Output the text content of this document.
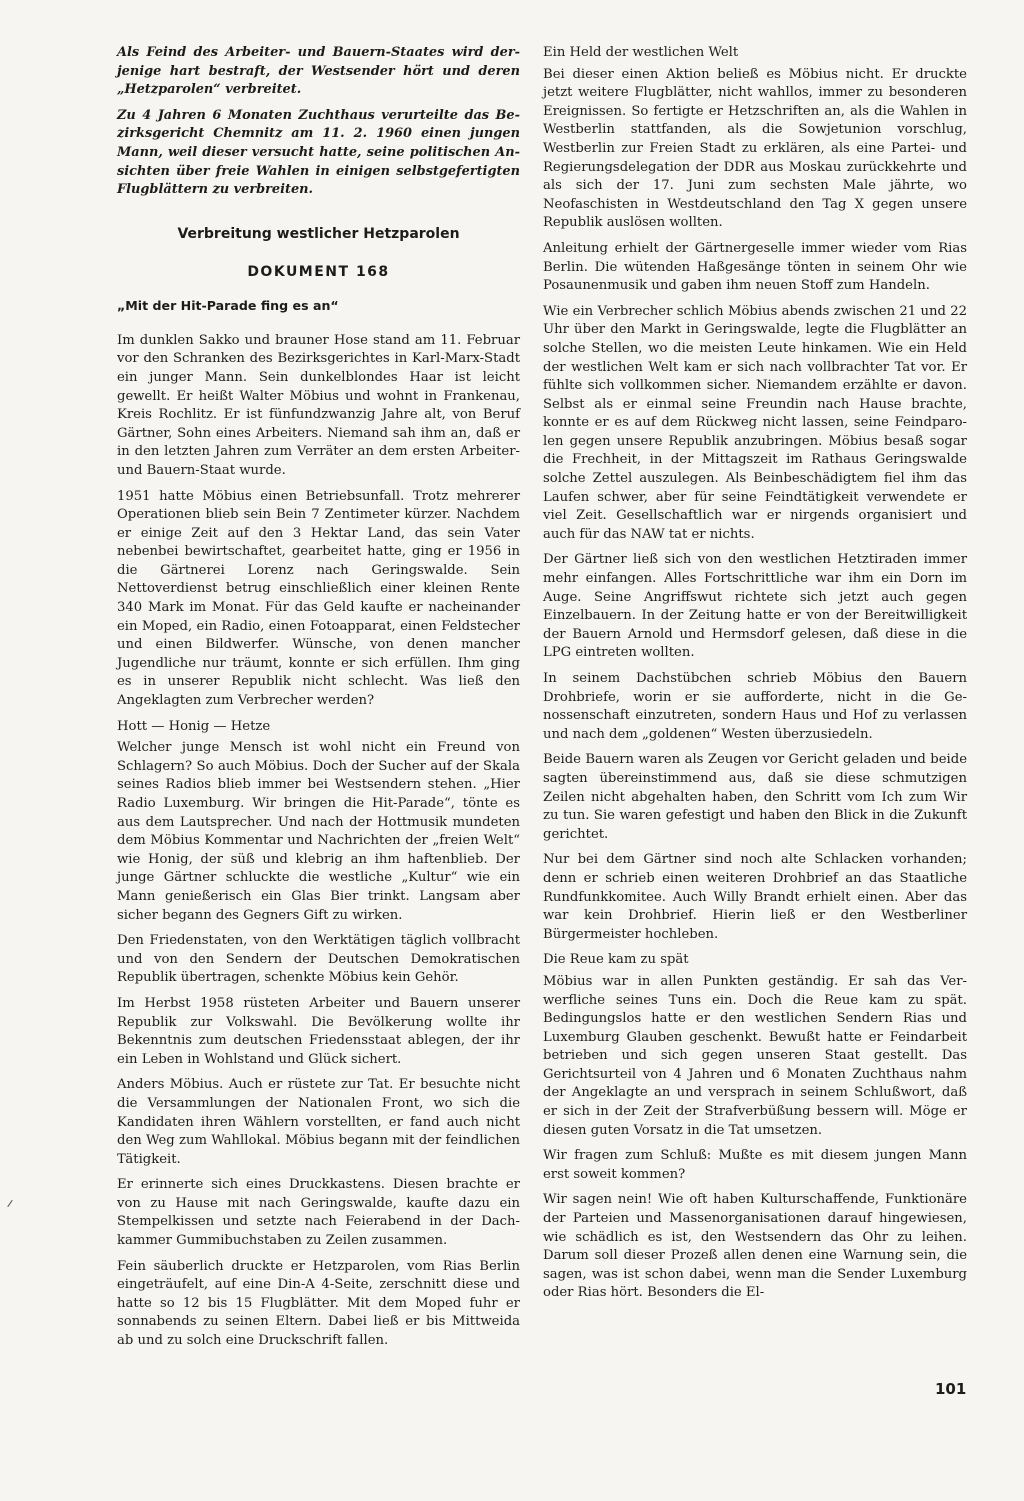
Als Feind des Arbeiter- und Bauern-Staates wird derjenige hart bestraft, der Westsender hört und deren „Hetzparolen“ verbreitet.

Zu 4 Jahren 6 Monaten Zuchthaus verurteilte das Bezirksgericht Chemnitz am 11. 2. 1960 einen jungen Mann, weil dieser versucht hatte, seine politischen Ansichten über freie Wahlen in einigen selbstgefertigten Flugblättern zu verbreiten.

Verbreitung westlicher Hetzparolen
DOKUMENT 168
„Mit der Hit-Parade fing es an“

Im dunklen Sakko und brauner Hose stand am 11. Februar vor den Schranken des Bezirksgerichtes in Karl-Marx-Stadt ein junger Mann. Sein dunkelblondes Haar ist leicht gewellt. Er heißt Walter Möbius und wohnt in Frankenau, Kreis Rochlitz. Er ist fünfundzwanzig Jahre alt, von Beruf Gärtner, Sohn eines Arbeiters. Niemand sah ihm an, daß er in den letzten Jahren zum Verräter an dem ersten Arbeiter- und Bauern-Staat wurde.

1951 hatte Möbius einen Betriebsunfall. Trotz mehrerer Operationen blieb sein Bein 7 Zentimeter kürzer. Nachdem er einige Zeit auf den 3 Hektar Land, das sein Vater nebenbei bewirtschaftet, gearbeitet hatte, ging er 1956 in die Gärtnerei Lorenz nach Geringswalde. Sein Nettoverdienst betrug einschließlich einer kleinen Rente 340 Mark im Monat. Für das Geld kaufte er nacheinander ein Moped, ein Radio, einen Fotoapparat, einen Feldstecher und einen Bildwerfer. Wünsche, von denen mancher Jugendliche nur träumt, konnte er sich erfüllen. Ihm ging es in unserer Republik nicht schlecht. Was ließ den Angeklagten zum Verbrecher werden?

Hott — Honig — Hetze

Welcher junge Mensch ist wohl nicht ein Freund von Schlagern? So auch Möbius. Doch der Sucher auf der Skala seines Radios blieb immer bei Westsendern stehen. „Hier Radio Luxemburg. Wir bringen die Hit-Parade“, tönte es aus dem Lautsprecher. Und nach der Hottmusik mundeten dem Möbius Kommentar und Nachrichten der „freien Welt“ wie Honig, der süß und klebrig an ihm haftenblieb. Der junge Gärtner schluckte die westliche „Kultur“ wie ein Mann genießerisch ein Glas Bier trinkt. Langsam aber sicher begann des Gegners Gift zu wirken.

Den Friedenstaten, von den Werktätigen täglich vollbracht und von den Sendern der Deutschen Demokratischen Republik übertragen, schenkte Möbius kein Gehör.

Im Herbst 1958 rüsteten Arbeiter und Bauern unserer Republik zur Volkswahl. Die Bevölkerung wollte ihr Bekenntnis zum deutschen Friedensstaat ablegen, der ihr ein Leben in Wohlstand und Glück sichert.

Anders Möbius. Auch er rüstete zur Tat. Er besuchte nicht die Versammlungen der Nationalen Front, wo sich die Kandidaten ihren Wählern vorstellten, er fand auch nicht den Weg zum Wahllokal. Möbius begann mit der feindlichen Tätigkeit.

Er erinnerte sich eines Druckkastens. Diesen brachte er von zu Hause mit nach Geringswalde, kaufte dazu ein Stempelkissen und setzte nach Feierabend in der Dachkammer Gummibuchstaben zu Zeilen zusammen.

Fein säuberlich druckte er Hetzparolen, vom Rias Berlin eingeträufelt, auf eine Din-A 4-Seite, zerschnitt diese und hatte so 12 bis 15 Flugblätter. Mit dem Moped fuhr er sonnabends zu seinen Eltern. Dabei ließ er bis Mittweida ab und zu solch eine Druckschrift fallen.

Ein Held der westlichen Welt

Bei dieser einen Aktion beließ es Möbius nicht. Er druckte jetzt weitere Flugblätter, nicht wahllos, immer zu besonderen Ereignissen. So fertigte er Hetzschriften an, als die Wahlen in Westberlin stattfanden, als die Sowjetunion vorschlug, Westberlin zur Freien Stadt zu erklären, als eine Partei- und Regierungsdelegation der DDR aus Moskau zurückkehrte und als sich der 17. Juni zum sechsten Male jährte, wo Neofaschisten in Westdeutschland den Tag X gegen unsere Republik auslösen wollten.

Anleitung erhielt der Gärtnergeselle immer wieder vom Rias Berlin. Die wütenden Haßgesänge tönten in seinem Ohr wie Posaunenmusik und gaben ihm neuen Stoff zum Handeln.

Wie ein Verbrecher schlich Möbius abends zwischen 21 und 22 Uhr über den Markt in Geringswalde, legte die Flugblätter an solche Stellen, wo die meisten Leute hinkamen. Wie ein Held der westlichen Welt kam er sich nach vollbrachter Tat vor. Er fühlte sich vollkommen sicher. Niemandem erzählte er davon. Selbst als er einmal seine Freundin nach Hause brachte, konnte er es auf dem Rückweg nicht lassen, seine Feindparolen gegen unsere Republik anzubringen. Möbius besaß sogar die Frechheit, in der Mittagszeit im Rathaus Geringswalde solche Zettel auszulegen. Als Beinbeschädigtem fiel ihm das Laufen schwer, aber für seine Feindtätigkeit verwendete er viel Zeit. Gesellschaftlich war er nirgends organisiert und auch für das NAW tat er nichts.

Der Gärtner ließ sich von den westlichen Hetztiraden immer mehr einfangen. Alles Fortschrittliche war ihm ein Dorn im Auge. Seine Angriffswut richtete sich jetzt auch gegen Einzelbauern. In der Zeitung hatte er von der Bereitwilligkeit der Bauern Arnold und Hermsdorf gelesen, daß diese in die LPG eintreten wollten.

In seinem Dachstübchen schrieb Möbius den Bauern Drohbriefe, worin er sie aufforderte, nicht in die Genossenschaft einzutreten, sondern Haus und Hof zu verlassen und nach dem „goldenen“ Westen überzusiedeln.

Beide Bauern waren als Zeugen vor Gericht geladen und beide sagten übereinstimmend aus, daß sie diese schmutzigen Zeilen nicht abgehalten haben, den Schritt vom Ich zum Wir zu tun. Sie waren gefestigt und haben den Blick in die Zukunft gerichtet.

Nur bei dem Gärtner sind noch alte Schlacken vorhanden; denn er schrieb einen weiteren Drohbrief an das Staatliche Rundfunkkomitee. Auch Willy Brandt erhielt einen. Aber das war kein Drohbrief. Hierin ließ er den Westberliner Bürgermeister hochleben.

Die Reue kam zu spät

Möbius war in allen Punkten geständig. Er sah das Verwerfliche seines Tuns ein. Doch die Reue kam zu spät. Bedingungslos hatte er den westlichen Sendern Rias und Luxemburg Glauben geschenkt. Bewußt hatte er Feindarbeit betrieben und sich gegen unseren Staat gestellt. Das Gerichtsurteil von 4 Jahren und 6 Monaten Zuchthaus nahm der Angeklagte an und versprach in seinem Schlußwort, daß er sich in der Zeit der Strafverbüßung bessern will. Möge er diesen guten Vorsatz in die Tat umsetzen.

Wir fragen zum Schluß: Mußte es mit diesem jungen Mann erst soweit kommen?

Wir sagen nein! Wie oft haben Kulturschaffende, Funktionäre der Parteien und Massenorganisationen darauf hingewiesen, wie schädlich es ist, den Westsendern das Ohr zu leihen. Darum soll dieser Prozeß allen denen eine Warnung sein, die sagen, was ist schon dabei, wenn man die Sender Luxemburg oder Rias hört. Besonders die El-

101
